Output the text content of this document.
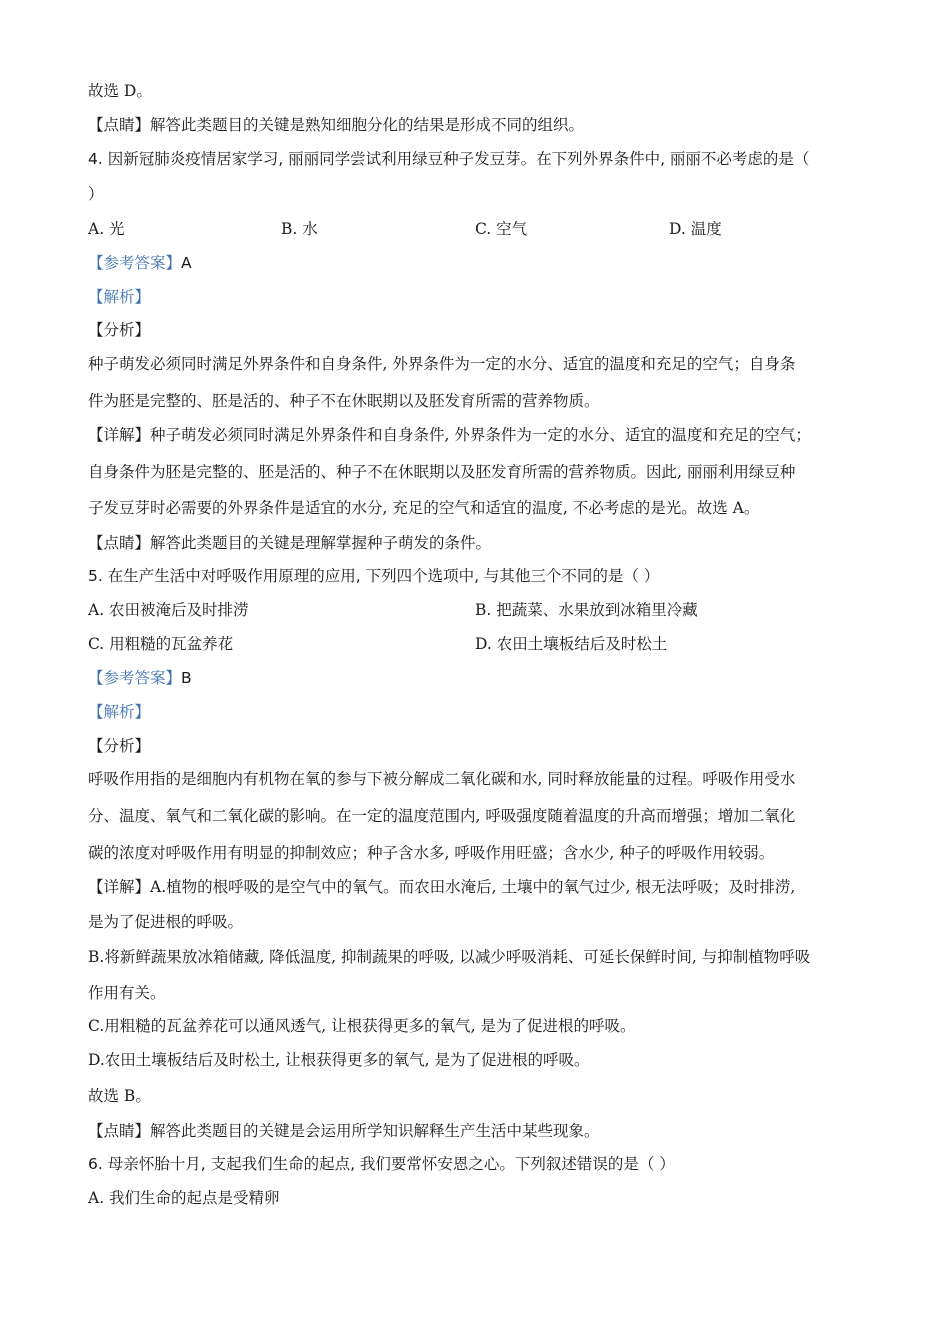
故选 D。
【点睛】解答此类题目的关键是熟知细胞分化的结果是形成不同的组织。
4. 因新冠肺炎疫情居家学习, 丽丽同学尝试利用绿豆种子发豆芽。在下列外界条件中, 丽丽不必考虑的是（
）
A. 光	B. 水	C. 空气	D. 温度
【参考答案】A
【解析】
【分析】
种子萌发必须同时满足外界条件和自身条件, 外界条件为一定的水分、适宜的温度和充足的空气；自身条
件为胚是完整的、胚是活的、种子不在休眠期以及胚发育所需的营养物质。
【详解】种子萌发必须同时满足外界条件和自身条件, 外界条件为一定的水分、适宜的温度和充足的空气；
自身条件为胚是完整的、胚是活的、种子不在休眠期以及胚发育所需的营养物质。因此, 丽丽利用绿豆种
子发豆芽时必需要的外界条件是适宜的水分, 充足的空气和适宜的温度, 不必考虑的是光。故选 A。
【点睛】解答此类题目的关键是理解掌握种子萌发的条件。
5. 在生产生活中对呼吸作用原理的应用, 下列四个选项中, 与其他三个不同的是（ ）
A. 农田被淹后及时排涝	B. 把蔬菜、水果放到冰箱里冷藏
C. 用粗糙的瓦盆养花	D. 农田土壤板结后及时松土
【参考答案】B
【解析】
【分析】
呼吸作用指的是细胞内有机物在氧的参与下被分解成二氧化碳和水, 同时释放能量的过程。呼吸作用受水
分、温度、氧气和二氧化碳的影响。在一定的温度范围内, 呼吸强度随着温度的升高而增强；增加二氧化
碳的浓度对呼吸作用有明显的抑制效应；种子含水多, 呼吸作用旺盛；含水少, 种子的呼吸作用较弱。
【详解】A.植物的根呼吸的是空气中的氧气。而农田水淹后, 土壤中的氧气过少, 根无法呼吸；及时排涝,
是为了促进根的呼吸。
B.将新鲜蔬果放冰箱储藏, 降低温度, 抑制蔬果的呼吸, 以减少呼吸消耗、可延长保鲜时间, 与抑制植物呼吸
作用有关。
C.用粗糙的瓦盆养花可以通风透气, 让根获得更多的氧气, 是为了促进根的呼吸。
D.农田土壤板结后及时松土, 让根获得更多的氧气, 是为了促进根的呼吸。
故选 B。
【点睛】解答此类题目的关键是会运用所学知识解释生产生活中某些现象。
6. 母亲怀胎十月, 支起我们生命的起点, 我们要常怀安恩之心。下列叙述错误的是（ ）
A. 我们生命的起点是受精卵
